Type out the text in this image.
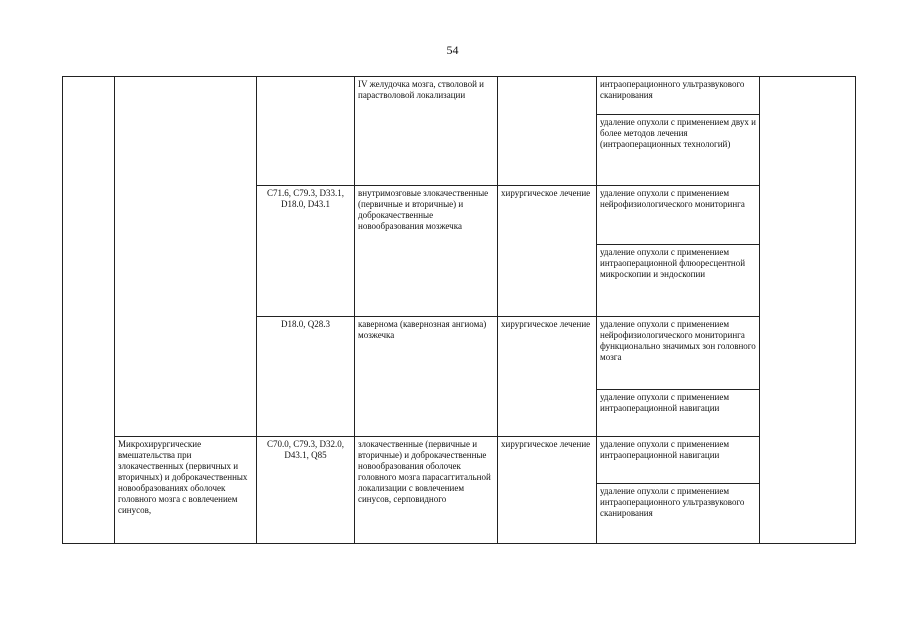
54
			IV желудочка мозга, стволовой и парастволовой локализации		интраоперационного ультразвукового сканирования	
					удаление опухоли с применением двух и более методов лечения (интраоперационных технологий)	
		C71.6, C79.3, D33.1, D18.0, D43.1	внутримозговые злокачественные (первичные и вторичные) и доброкачественные новообразования мозжечка	хирургическое лечение	удаление опухоли с применением нейрофизиологического мониторинга	
					удаление опухоли с применением интраоперационной флюоресцентной микроскопии и эндоскопии	
		D18.0, Q28.3	кавернома (кавернозная ангиома) мозжечка	хирургическое лечение	удаление опухоли с применением нейрофизиологического мониторинга функционально значимых зон головного мозга	
					удаление опухоли с применением интраоперационной навигации	
	Микрохирургические вмешательства при злокачественных (первичных и вторичных) и доброкачественных новообразованиях оболочек головного мозга с вовлечением синусов,	C70.0, C79.3, D32.0, D43.1, Q85	злокачественные (первичные и вторичные) и доброкачественные новообразования оболочек головного мозга парасаггитальной локализации с вовлечением синусов, серповидного	хирургическое лечение	удаление опухоли с применением интраоперационной навигации	
					удаление опухоли с применением интраоперационного ультразвукового сканирования	
